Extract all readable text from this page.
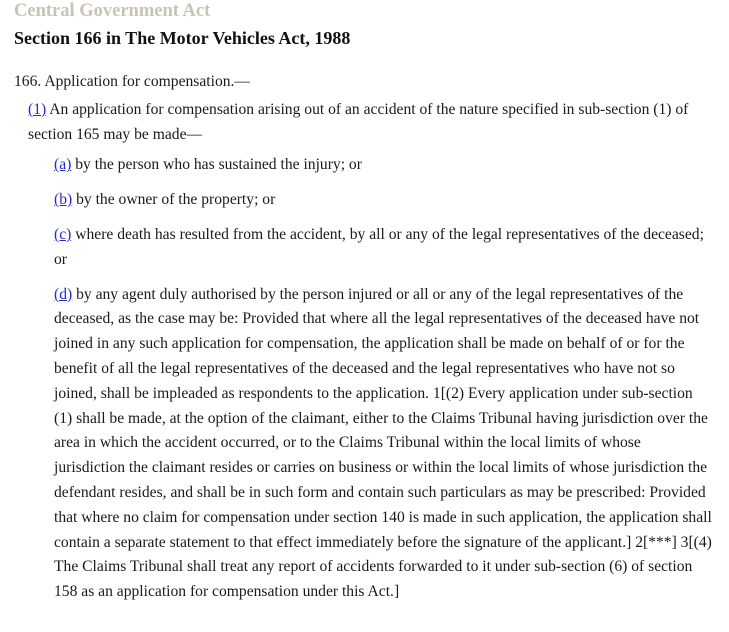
Central Government Act
Section 166 in The Motor Vehicles Act, 1988

166. Application for compensation.—

(1) An application for compensation arising out of an accident of the nature specified in sub-section (1) of section 165 may be made—

(a) by the person who has sustained the injury; or

(b) by the owner of the property; or

(c) where death has resulted from the accident, by all or any of the legal representatives of the deceased; or

(d) by any agent duly authorised by the person injured or all or any of the legal representatives of the deceased, as the case may be: Provided that where all the legal representatives of the deceased have not joined in any such application for compensation, the application shall be made on behalf of or for the benefit of all the legal representatives of the deceased and the legal representatives who have not so joined, shall be impleaded as respondents to the application. 1[(2) Every application under sub-section (1) shall be made, at the option of the claimant, either to the Claims Tribunal having jurisdiction over the area in which the accident occurred, or to the Claims Tribunal within the local limits of whose jurisdiction the claimant resides or carries on business or within the local limits of whose jurisdiction the defendant resides, and shall be in such form and contain such particulars as may be prescribed: Provided that where no claim for compensation under section 140 is made in such application, the application shall contain a separate statement to that effect immediately before the signature of the applicant.] 2[***] 3[(4) The Claims Tribunal shall treat any report of accidents forwarded to it under sub-section (6) of section 158 as an application for compensation under this Act.]
